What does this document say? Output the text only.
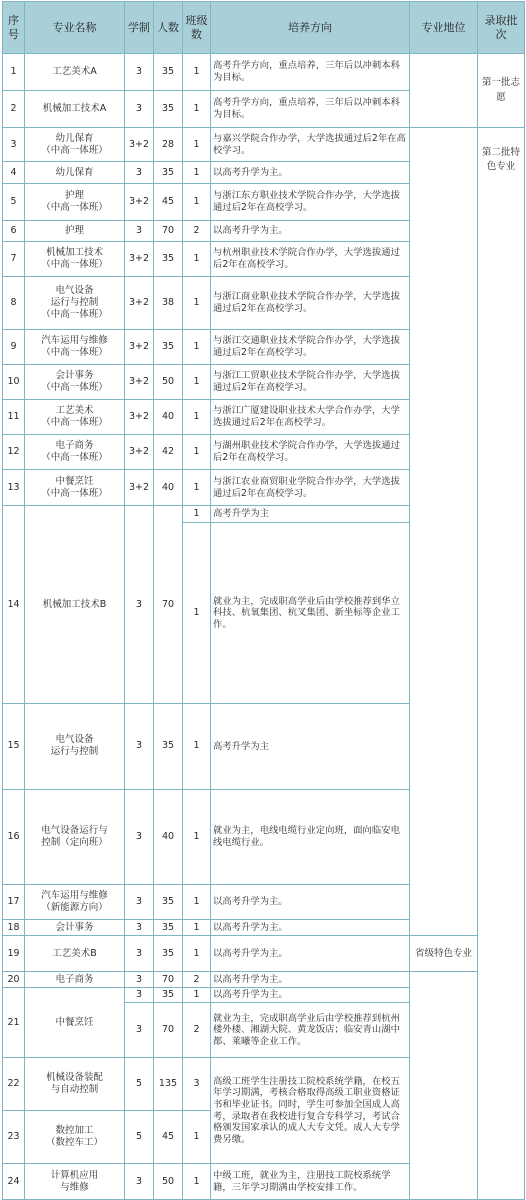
序号	专业名称	学制	人数	班级数	培养方向	专业地位	录取批次	
1	工艺美术A	3	35	1	高考升学方向，重点培养，三年后以冲刺本科为目标。		第一批志愿	
2	机械加工技术A	3	35	1	高考升学方向，重点培养，三年后以冲刺本科为目标。			
3	幼儿保育
（中高一体班）	3+2	28	1	与嘉兴学院合作办学，大学选拔通过后2年在高校学习。		第二批特色专业	
4	幼儿保育	3	35	1	以高考升学为主。			
5	护理
（中高一体班）	3+2	45	1	与浙江东方职业技术学院合作办学，大学选拔通过后2年在高校学习。			
6	护理	3	70	2	以高考升学为主。			
7	机械加工技术
（中高一体班）	3+2	35	1	与杭州职业技术学院合作办学，大学选拔通过后2年在高校学习。			
8	电气设备
运行与控制
（中高一体班）	3+2	38	1	与浙江商业职业技术学院合作办学，大学选拔通过后2年在高校学习。			
9	汽车运用与维修
（中高一体班）	3+2	35	1	与浙江交通职业技术学院合作办学，大学选拔通过后2年在高校学习。			
10	会计事务
（中高一体班）	3+2	50	1	与浙江工贸职业技术学院合作办学，大学选拔通过后2年在高校学习。			
11	工艺美术
（中高一体班）	3+2	40	1	与浙江广厦建设职业技术大学合作办学，大学选拔通过后2年在高校学习。			
12	电子商务
（中高一体班）	3+2	42	1	与湖州职业技术学院合作办学，大学选拔通过后2年在高校学习。			
13	中餐烹饪
（中高一体班）	3+2	40	1	与浙江农业商贸职业学院合作办学，大学选拔通过后2年在高校学习。			
14	机械加工技术B	3	70	1	高考升学为主			
				1	就业为主，完成职高学业后由学校推荐到华立科技、杭氧集团、杭叉集团、新坐标等企业工作。	
15	电气设备
运行与控制	3	35	1	高考升学为主	
16	电气设备运行与
控制（定向班）	3	40	1	就业为主，电线电缆行业定向班，面向临安电线电缆行业。			
17	汽车运用与维修
（新能源方向）	3	35	1	以高考升学为主。			
18	会计事务	3	35	1	以高考升学为主。			
19	工艺美术B	3	35	1	以高考升学为主。	省级特色专业		
20	电子商务	3	70	2	以高考升学为主。			
21	中餐烹饪	3	35	1	以高考升学为主。			
		3	70	2	就业为主，完成职高学业后由学校推荐到杭州楼外楼、湘湖大院、黄龙饭店；临安青山湖中都、莱曦等企业工作。			
22	机械设备装配
与自动控制	5	135	3	高级工班学生注册技工院校系统学籍，在校五年学习期满，考核合格取得高级工职业资格证书和毕业证书。同时，学生可参加全国成人高考，录取者在我校进行复合专科学习，考试合格颁发国家承认的成人大专文凭。成人大专学费另缴。			
23	数控加工
（数控车工）	5	45	1				
24	计算机应用
与维修	3	50	1	中级工班，就业为主，注册技工院校系统学籍，三年学习期满由学校安排工作。			
